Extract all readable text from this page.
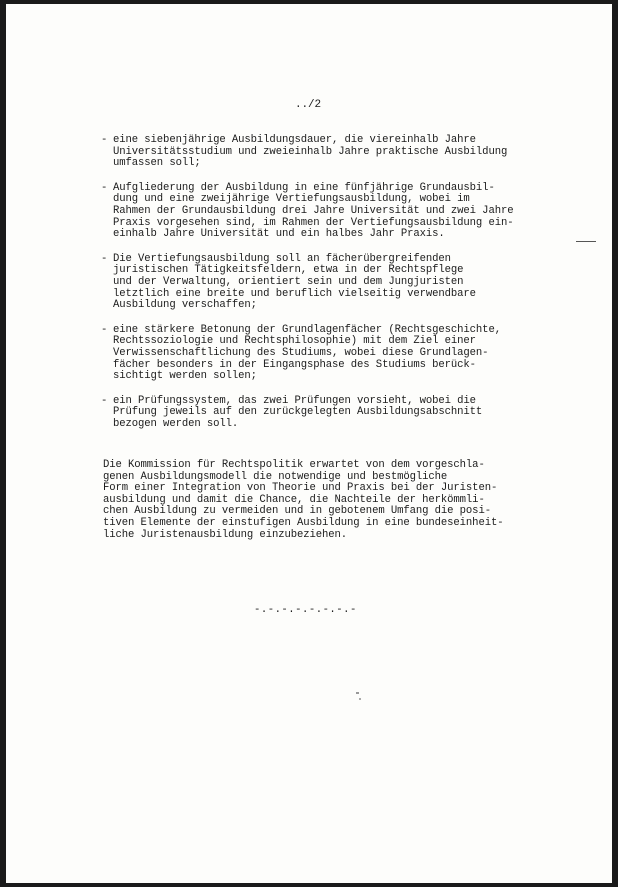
../2
- eine siebenjährige Ausbildungsdauer, die viereinhalb Jahre
Universitätsstudium und zweieinhalb Jahre praktische Ausbildung
umfassen soll;
- Aufgliederung der Ausbildung in eine fünfjährige Grundausbil-
dung und eine zweijährige Vertiefungsausbildung, wobei im
Rahmen der Grundausbildung drei Jahre Universität und zwei Jahre
Praxis vorgesehen sind, im Rahmen der Vertiefungsausbildung ein-
einhalb Jahre Universität und ein halbes Jahr Praxis.
- Die Vertiefungsausbildung soll an fächerübergreifenden
juristischen Tätigkeitsfeldern, etwa in der Rechtspflege
und der Verwaltung, orientiert sein und dem Jungjuristen
letztlich eine breite und beruflich vielseitig verwendbare
Ausbildung verschaffen;
- eine stärkere Betonung der Grundlagenfächer (Rechtsgeschichte,
Rechtssoziologie und Rechtsphilosophie) mit dem Ziel einer
Verwissenschaftlichung des Studiums, wobei diese Grundlagen-
fächer besonders in der Eingangsphase des Studiums berück-
sichtigt werden sollen;
- ein Prüfungssystem, das zwei Prüfungen vorsieht, wobei die
Prüfung jeweils auf den zurückgelegten Ausbildungsabschnitt
bezogen werden soll.
Die Kommission für Rechtspolitik erwartet von dem vorgeschla-
genen Ausbildungsmodell die notwendige und bestmögliche
Form einer Integration von Theorie und Praxis bei der Juristen-
ausbildung und damit die Chance, die Nachteile der herkömmli-
chen Ausbildung zu vermeiden und in gebotenem Umfang die posi-
tiven Elemente der einstufigen Ausbildung in eine bundeseinheit-
liche Juristenausbildung einzubeziehen.
-.-.-.-.-.-.-.-
